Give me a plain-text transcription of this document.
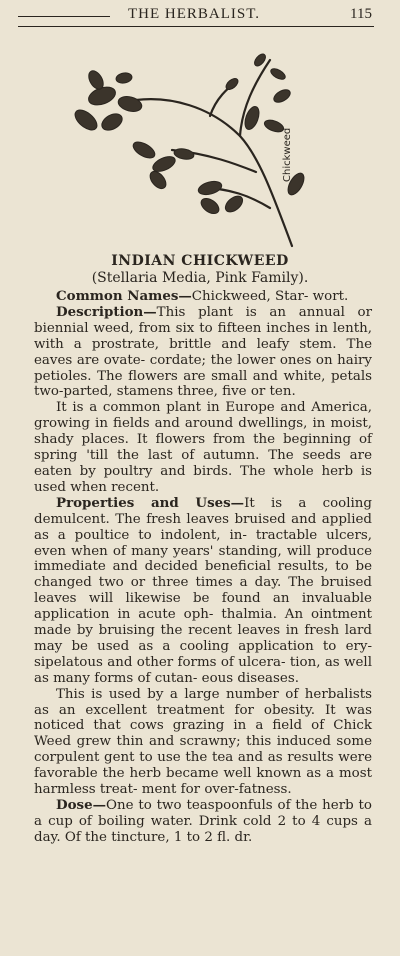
THE HERBALIST.	115
Chickweed
INDIAN CHICKWEED
(Stellaria Media, Pink Family).

Common Names—Chickweed, Star- wort.

Description—This plant is an annual or biennial weed, from six to fifteen inches in lenth, with a prostrate, brittle and leafy stem. The eaves are ovate- cordate; the lower ones on hairy petioles. The flowers are small and white, petals two-parted, stamens three, five or ten.

It is a common plant in Europe and America, growing in fields and around dwellings, in moist, shady places. It flowers from the beginning of spring 'till the last of autumn. The seeds are eaten by poultry and birds. The whole herb is used when recent.

Properties and Uses—It is a cooling demulcent. The fresh leaves bruised and applied as a poultice to indolent, in- tractable ulcers, even when of many years' standing, will produce immediate and decided beneficial results, to be changed two or three times a day. The bruised leaves will likewise be found an invaluable application in acute oph- thalmia. An ointment made by bruising the recent leaves in fresh lard may be used as a cooling application to ery- sipelatous and other forms of ulcera- tion, as well as many forms of cutan- eous diseases.

This is used by a large number of herbalists as an excellent treatment for obesity. It was noticed that cows grazing in a field of Chick Weed grew thin and scrawny; this induced some corpulent gent to use the tea and as results were favorable the herb became well known as a most harmless treat- ment for over-fatness.

Dose—One to two teaspoonfuls of the herb to a cup of boiling water. Drink cold 2 to 4 cups a day. Of the tincture, 1 to 2 fl. dr.
